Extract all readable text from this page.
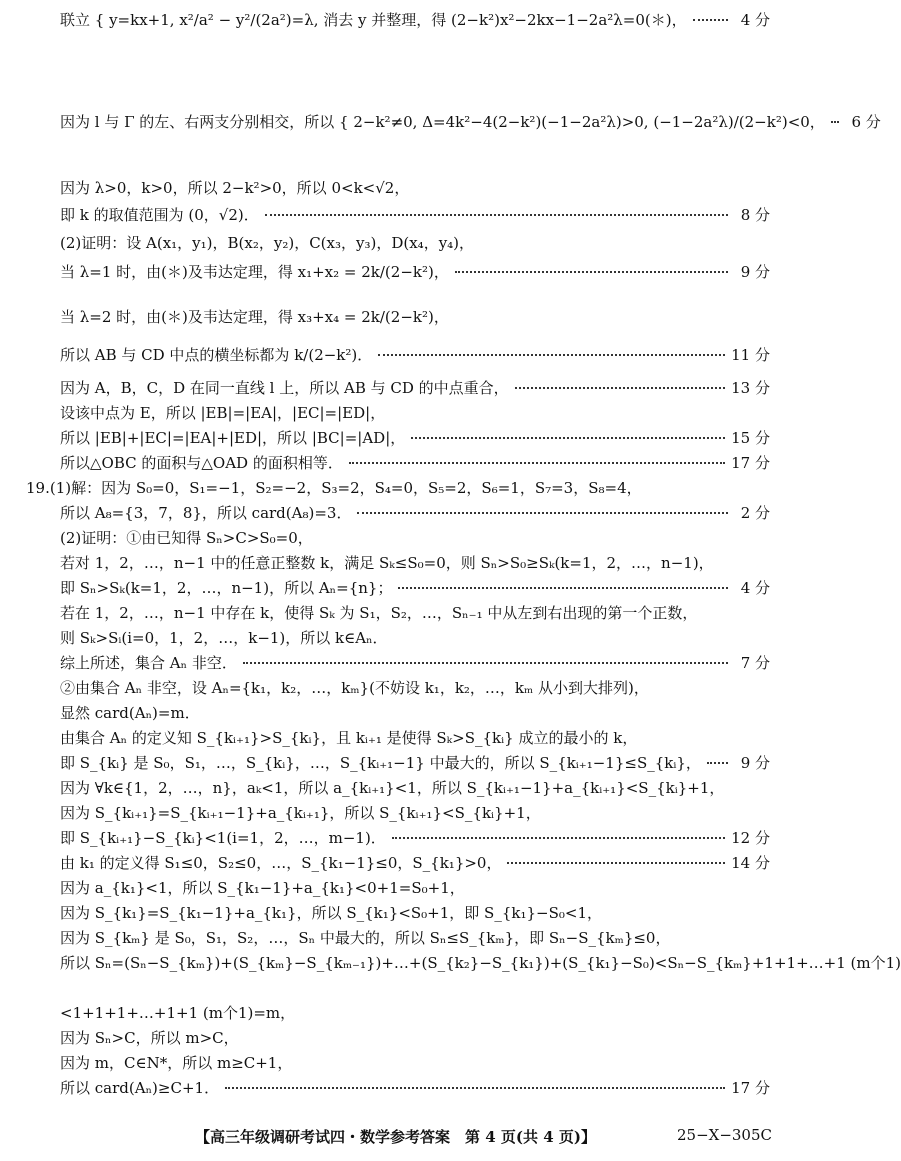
联立 { y=kx+1, x²/a² − y²/(2a²)=λ, 消去 y 并整理，得 (2−k²)x²−2kx−1−2a²λ=0(＊)，	4 分
因为 l 与 Γ 的左、右两支分别相交，所以 { 2−k²≠0, Δ=4k²−4(2−k²)(−1−2a²λ)>0, (−1−2a²λ)/(2−k²)<0，	6 分
因为 λ>0，k>0，所以 2−k²>0，所以 0<k<√2，
即 k 的取值范围为 (0，√2)．	8 分
(2)证明：设 A(x₁，y₁)，B(x₂，y₂)，C(x₃，y₃)，D(x₄，y₄)，
当 λ=1 时，由(＊)及韦达定理，得 x₁+x₂ = 2k/(2−k²)，	9 分
当 λ=2 时，由(＊)及韦达定理，得 x₃+x₄ = 2k/(2−k²)，
所以 AB 与 CD 中点的横坐标都为 k/(2−k²)．	11 分
因为 A，B，C，D 在同一直线 l 上，所以 AB 与 CD 的中点重合，	13 分
设该中点为 E，所以 |EB|=|EA|，|EC|=|ED|，
所以 |EB|+|EC|=|EA|+|ED|，所以 |BC|=|AD|，	15 分
所以△OBC 的面积与△OAD 的面积相等．	17 分
19.(1)解：因为 S₀=0，S₁=−1，S₂=−2，S₃=2，S₄=0，S₅=2，S₆=1，S₇=3，S₈=4，
所以 A₈={3，7，8}，所以 card(A₈)=3．	2 分
(2)证明：①由已知得 Sₙ>C>S₀=0，
若对 1，2，…，n−1 中的任意正整数 k，满足 Sₖ≤S₀=0，则 Sₙ>S₀≥Sₖ(k=1，2，…，n−1)，
即 Sₙ>Sₖ(k=1，2，…，n−1)，所以 Aₙ={n}；	4 分
若在 1，2，…，n−1 中存在 k，使得 Sₖ 为 S₁，S₂，…，Sₙ₋₁ 中从左到右出现的第一个正数，
则 Sₖ>Sᵢ(i=0，1，2，…，k−1)，所以 k∈Aₙ．
综上所述，集合 Aₙ 非空．	7 分
②由集合 Aₙ 非空，设 Aₙ={k₁，k₂，…，kₘ}(不妨设 k₁，k₂，…，kₘ 从小到大排列)，
显然 card(Aₙ)=m．
由集合 Aₙ 的定义知 S_{kᵢ₊₁}>S_{kᵢ}，且 kᵢ₊₁ 是使得 Sₖ>S_{kᵢ} 成立的最小的 k，
即 S_{kᵢ} 是 S₀，S₁，…，S_{kᵢ}，…，S_{kᵢ₊₁−1} 中最大的，所以 S_{kᵢ₊₁−1}≤S_{kᵢ}，	9 分
因为 ∀k∈{1，2，…，n}，aₖ<1，所以 a_{kᵢ₊₁}<1，所以 S_{kᵢ₊₁−1}+a_{kᵢ₊₁}<S_{kᵢ}+1，
因为 S_{kᵢ₊₁}=S_{kᵢ₊₁−1}+a_{kᵢ₊₁}，所以 S_{kᵢ₊₁}<S_{kᵢ}+1，
即 S_{kᵢ₊₁}−S_{kᵢ}<1(i=1，2，…，m−1)．	12 分
由 k₁ 的定义得 S₁≤0，S₂≤0，…，S_{k₁−1}≤0，S_{k₁}>0，	14 分
因为 a_{k₁}<1，所以 S_{k₁−1}+a_{k₁}<0+1=S₀+1，
因为 S_{k₁}=S_{k₁−1}+a_{k₁}，所以 S_{k₁}<S₀+1，即 S_{k₁}−S₀<1，
因为 S_{kₘ} 是 S₀，S₁，S₂，…，Sₙ 中最大的，所以 Sₙ≤S_{kₘ}，即 Sₙ−S_{kₘ}≤0，
所以 Sₙ=(Sₙ−S_{kₘ})+(S_{kₘ}−S_{kₘ₋₁})+…+(S_{k₂}−S_{k₁})+(S_{k₁}−S₀)<Sₙ−S_{kₘ}+1+1+…+1 (m个1)
<1+1+1+…+1+1 (m个1)=m，
因为 Sₙ>C，所以 m>C，
因为 m，C∈N*，所以 m≥C+1，
所以 card(Aₙ)≥C+1．	17 分
【高三年级调研考试四・数学参考答案　第 4 页(共 4 页)】	25−X−305C
